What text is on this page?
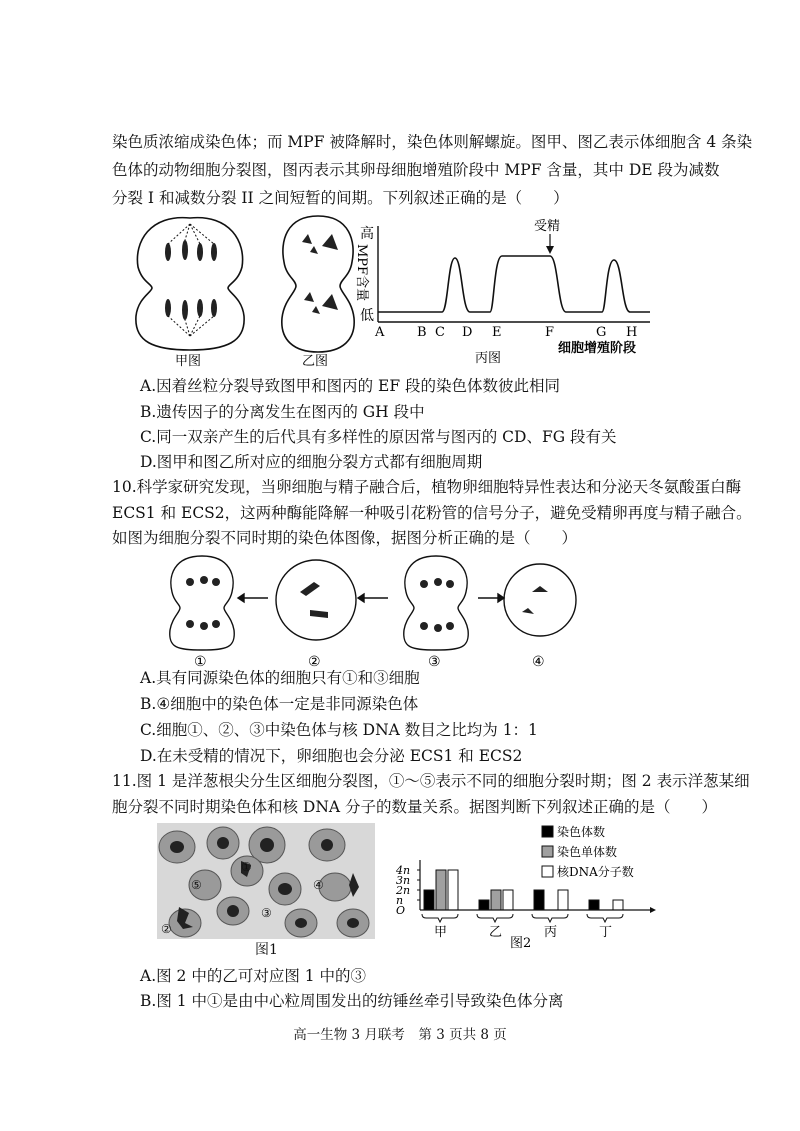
染色质浓缩成染色体；而 MPF 被降解时，染色体则解螺旋。图甲、图乙表示体细胞含 4 条染
色体的动物细胞分裂图，图丙表示其卵母细胞增殖阶段中 MPF 含量，其中 DE 段为减数
分裂 I 和减数分裂 II 之间短暂的间期。下列叙述正确的是（　　）
甲图	乙图
高
低
MPF含量
受精
A	B C D E	F	G H
细胞增殖阶段
丙图
A.因着丝粒分裂导致图甲和图丙的 EF 段的染色体数彼此相同
B.遗传因子的分离发生在图丙的 GH 段中
C.同一双亲产生的后代具有多样性的原因常与图丙的 CD、FG 段有关
D.图甲和图乙所对应的细胞分裂方式都有细胞周期
10.科学家研究发现，当卵细胞与精子融合后，植物卵细胞特异性表达和分泌天冬氨酸蛋白酶
ECS1 和 ECS2，这两种酶能降解一种吸引花粉管的信号分子，避免受精卵再度与精子融合。
如图为细胞分裂不同时期的染色体图像，据图分析正确的是（　　）
①	②	③	④
A.具有同源染色体的细胞只有①和③细胞
B.④细胞中的染色体一定是非同源染色体
C.细胞①、②、③中染色体与核 DNA 数目之比均为 1：1
D.在未受精的情况下，卵细胞也会分泌 ECS1 和 ECS2
11.图 1 是洋葱根尖分生区细胞分裂图，①～⑤表示不同的细胞分裂时期；图 2 表示洋葱某细
胞分裂不同时期染色体和核 DNA 分子的数量关系。据图判断下列叙述正确的是（　　）
①
②
③
④
⑤
图1
4n
3n
2n
n
O
甲	乙	丙	丁
染色体数
染色单体数
核DNA分子数
图2
A.图 2 中的乙可对应图 1 中的③
B.图 1 中①是由中心粒周围发出的纺锤丝牵引导致染色体分离
高一生物 3 月联考　第 3 页共 8 页
